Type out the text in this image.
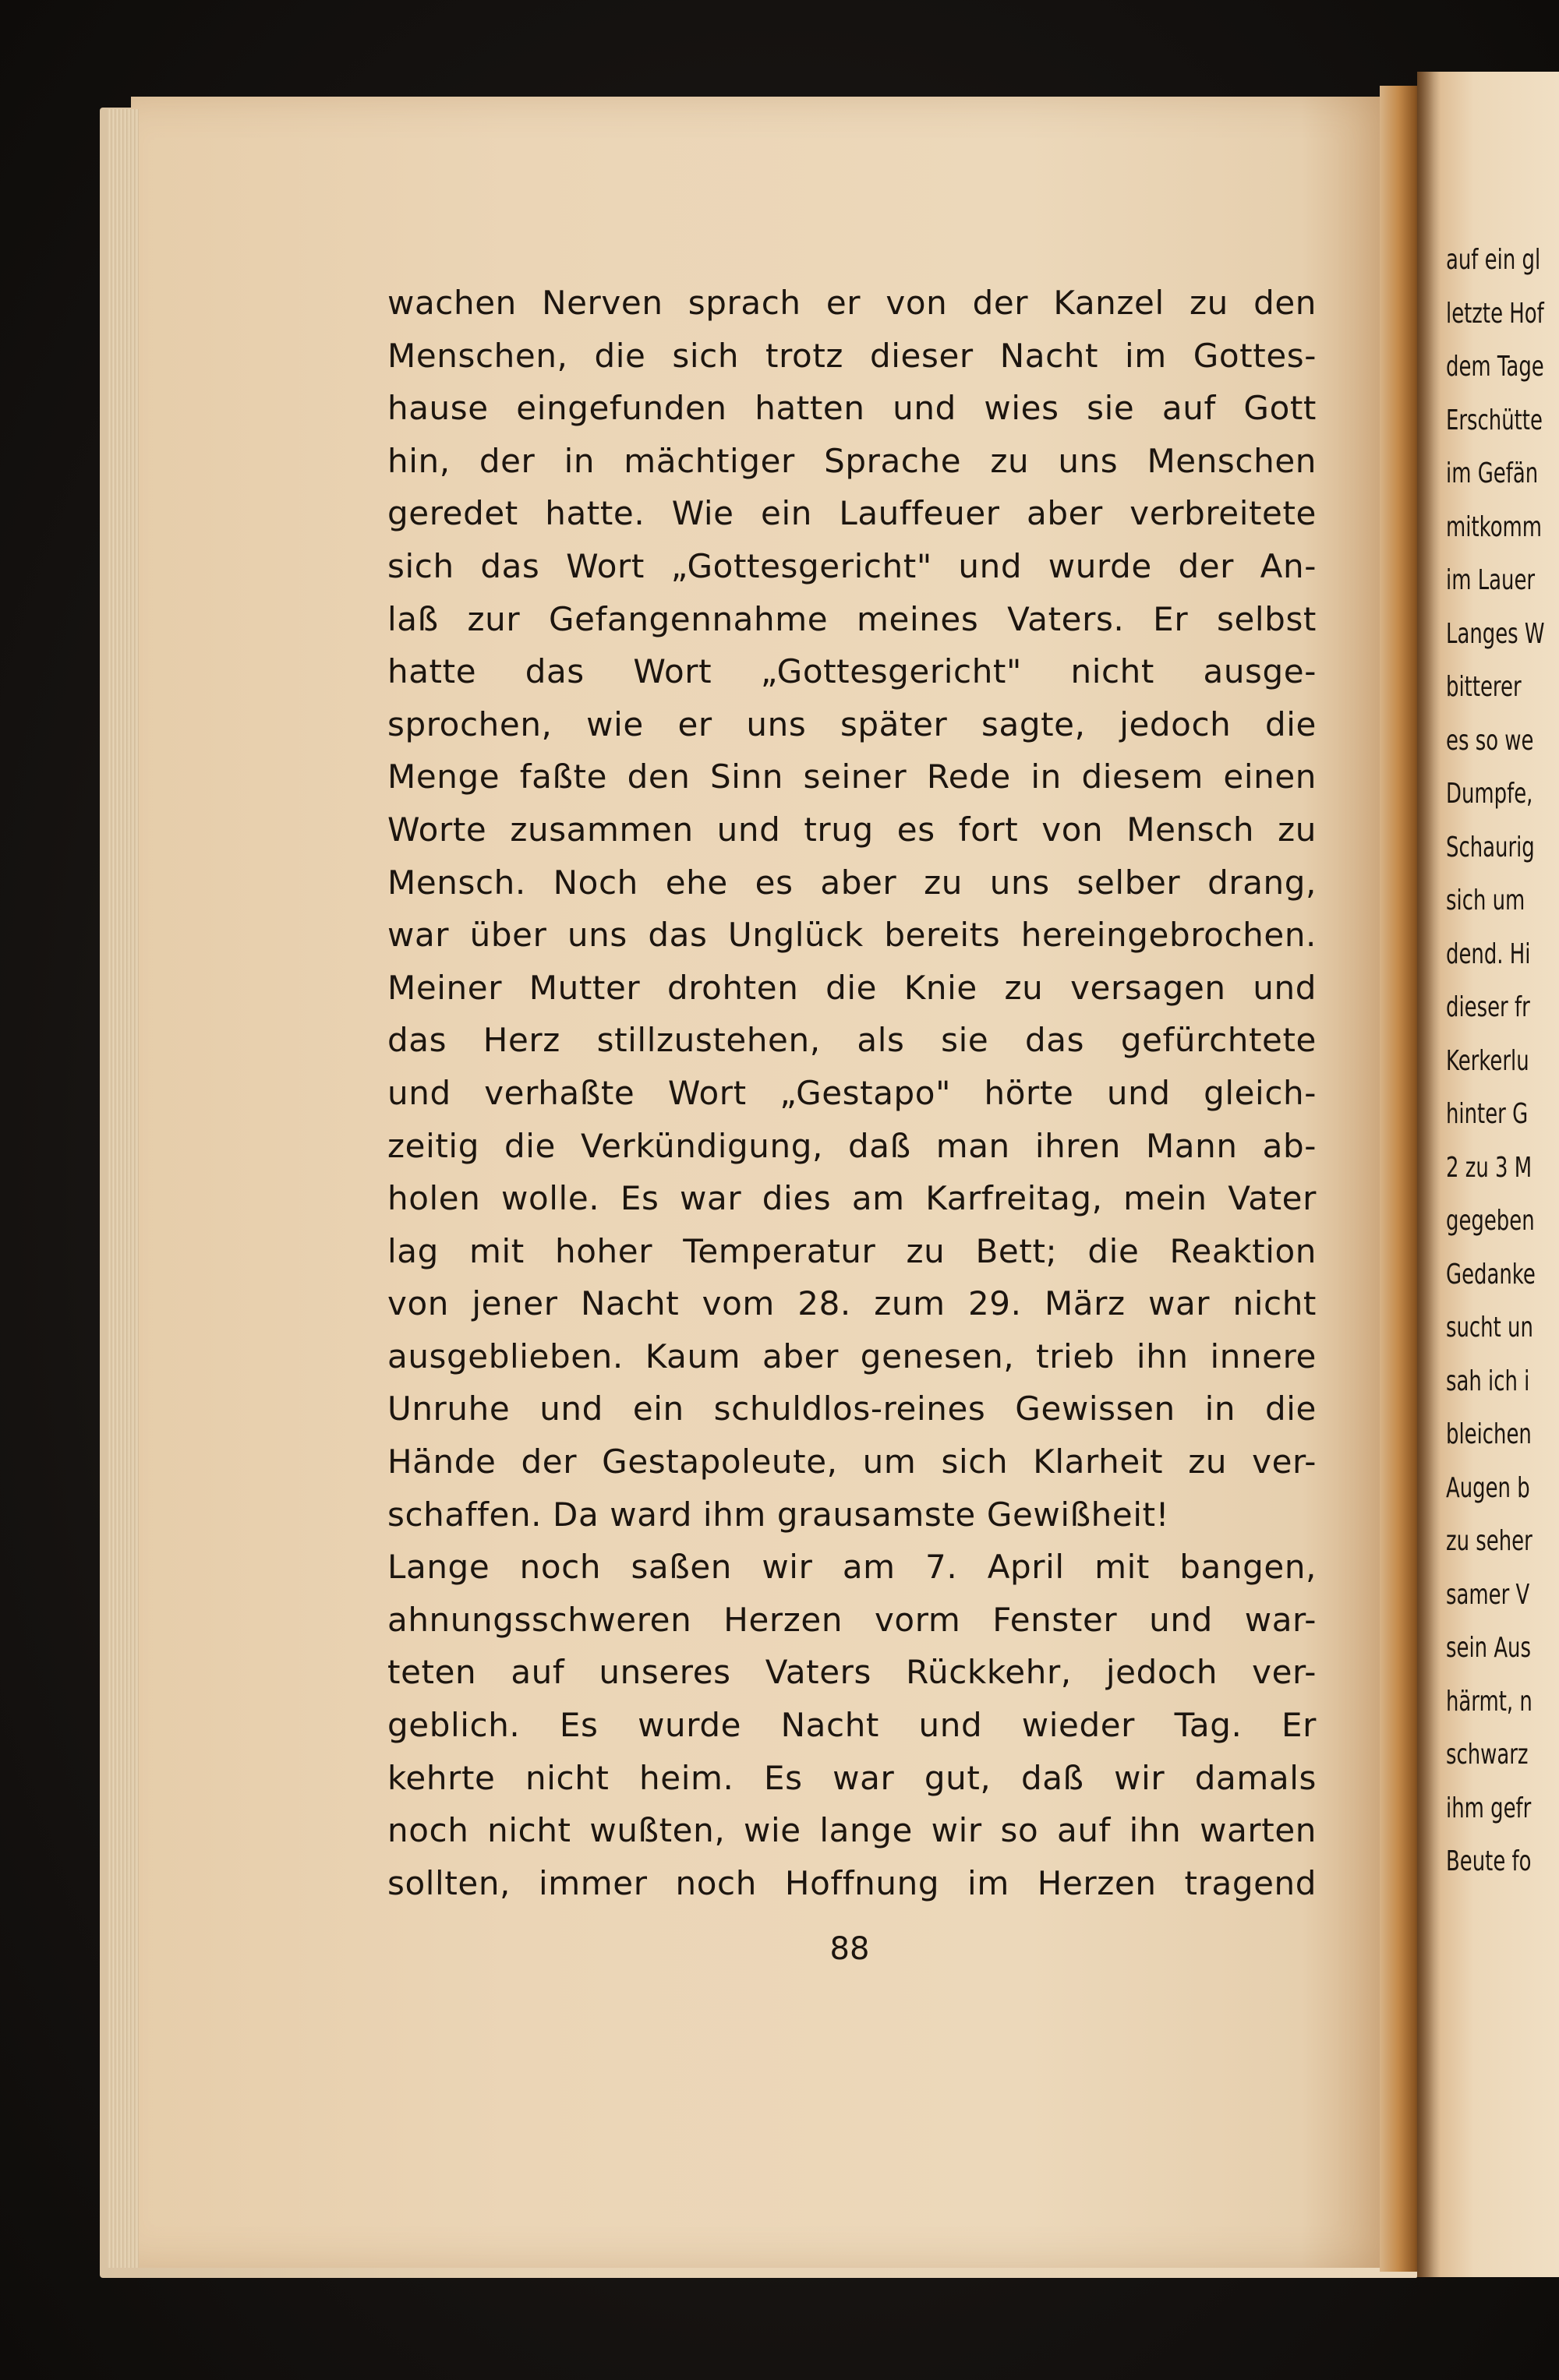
wachen Nerven sprach er von der Kanzel zu den
Menschen, die sich trotz dieser Nacht im Gottes-
hause eingefunden hatten und wies sie auf Gott
hin, der in mächtiger Sprache zu uns Menschen
geredet hatte. Wie ein Lauffeuer aber verbreitete
sich das Wort „Gottesgericht" und wurde der An-
laß zur Gefangennahme meines Vaters. Er selbst
hatte das Wort „Gottesgericht" nicht ausge-
sprochen, wie er uns später sagte, jedoch die
Menge faßte den Sinn seiner Rede in diesem einen
Worte zusammen und trug es fort von Mensch zu
Mensch. Noch ehe es aber zu uns selber drang,
war über uns das Unglück bereits hereingebrochen.
Meiner Mutter drohten die Knie zu versagen und
das Herz stillzustehen, als sie das gefürchtete
und verhaßte Wort „Gestapo" hörte und gleich-
zeitig die Verkündigung, daß man ihren Mann ab-
holen wolle. Es war dies am Karfreitag, mein Vater
lag mit hoher Temperatur zu Bett; die Reaktion
von jener Nacht vom 28. zum 29. März war nicht
ausgeblieben. Kaum aber genesen, trieb ihn innere
Unruhe und ein schuldlos-reines Gewissen in die
Hände der Gestapoleute, um sich Klarheit zu ver-
schaffen. Da ward ihm grausamste Gewißheit!
Lange noch saßen wir am 7. April mit bangen,
ahnungsschweren Herzen vorm Fenster und war-
teten auf unseres Vaters Rückkehr, jedoch ver-
geblich. Es wurde Nacht und wieder Tag. Er
kehrte nicht heim. Es war gut, daß wir damals
noch nicht wußten, wie lange wir so auf ihn warten
sollten, immer noch Hoffnung im Herzen tragend
88
auf ein gl
letzte Hof
dem Tage
Erschütte
im Gefän
mitkomm
im Lauer
Langes W
bitterer
es so we
Dumpfe,
Schaurig
sich um
dend. Hi
dieser fr
Kerkerlu
hinter G
2 zu 3 M
gegeben
Gedanke
sucht un
sah ich i
bleichen
Augen b
zu seher
samer V
sein Aus
härmt, n
schwarz
ihm gefr
Beute fo
